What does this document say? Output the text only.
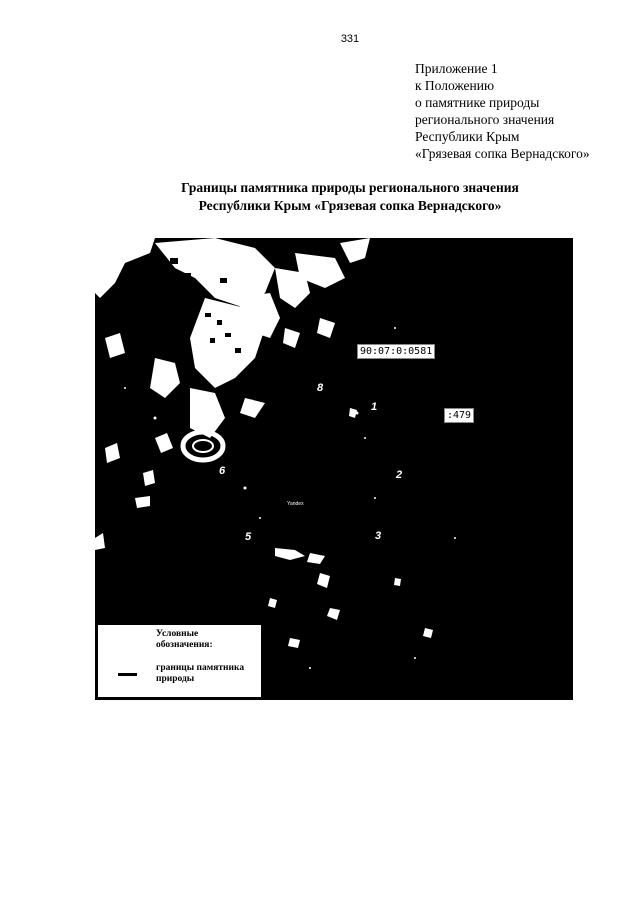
331
Приложение 1
к Положению
о памятнике природы
регионального значения
Республики Крым
«Грязевая сопка Вернадского»
Границы памятника природы регионального значения
Республики Крым «Грязевая сопка Вернадского»
90:07:0:0581
:479
Yandex
1
2
3
4
5
6
7
8
Условные обозначения:
границы памятника природы
